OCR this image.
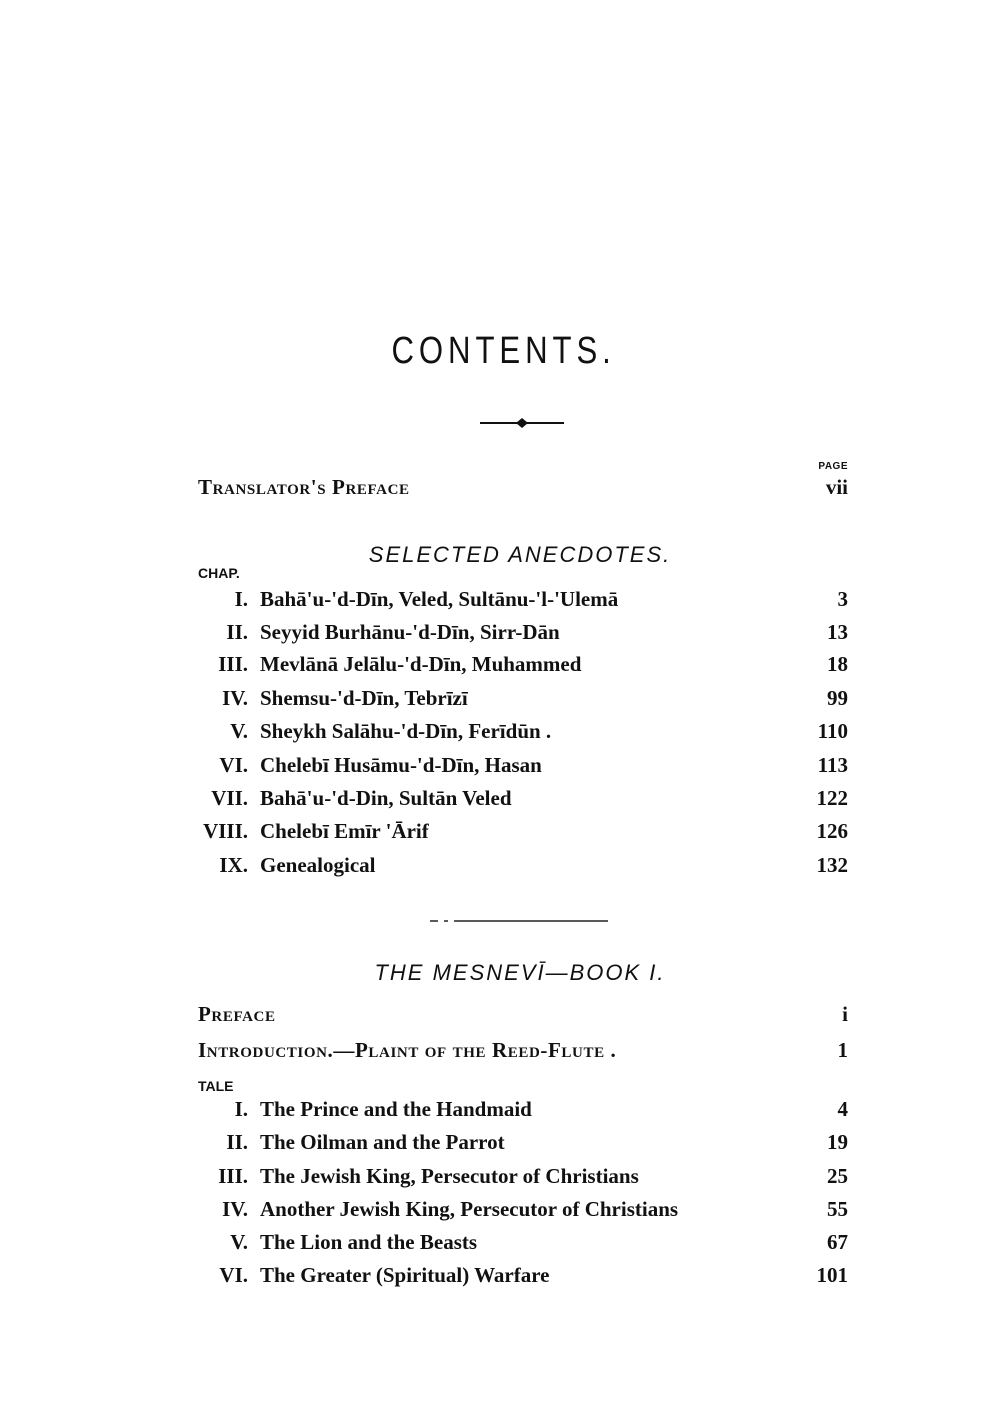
CONTENTS.
PAGE
Translator's Preface	vii
SELECTED ANECDOTES.
CHAP.
I. Bahā'u-'d-Dīn, Veled, Sultānu-'l-'Ulemā	3
II. Seyyid Burhānu-'d-Dīn, Sirr-Dān	13
III. Mevlānā Jelālu-'d-Dīn, Muhammed	18
IV. Shemsu-'d-Dīn, Tebrīzī	99
V. Sheykh Salāhu-'d-Dīn, Ferīdūn .	110
VI. Chelebī Husāmu-'d-Dīn, Hasan	113
VII. Bahā'u-'d-Din, Sultān Veled	122
VIII. Chelebī Emīr 'Ārif	126
IX. Genealogical	132
THE MESNEVĪ—BOOK I.
Preface	i
Introduction.—Plaint of the Reed-Flute .	1
TALE
I. The Prince and the Handmaid	4
II. The Oilman and the Parrot	19
III. The Jewish King, Persecutor of Christians	25
IV. Another Jewish King, Persecutor of Christians	55
V. The Lion and the Beasts	67
VI. The Greater (Spiritual) Warfare	101
